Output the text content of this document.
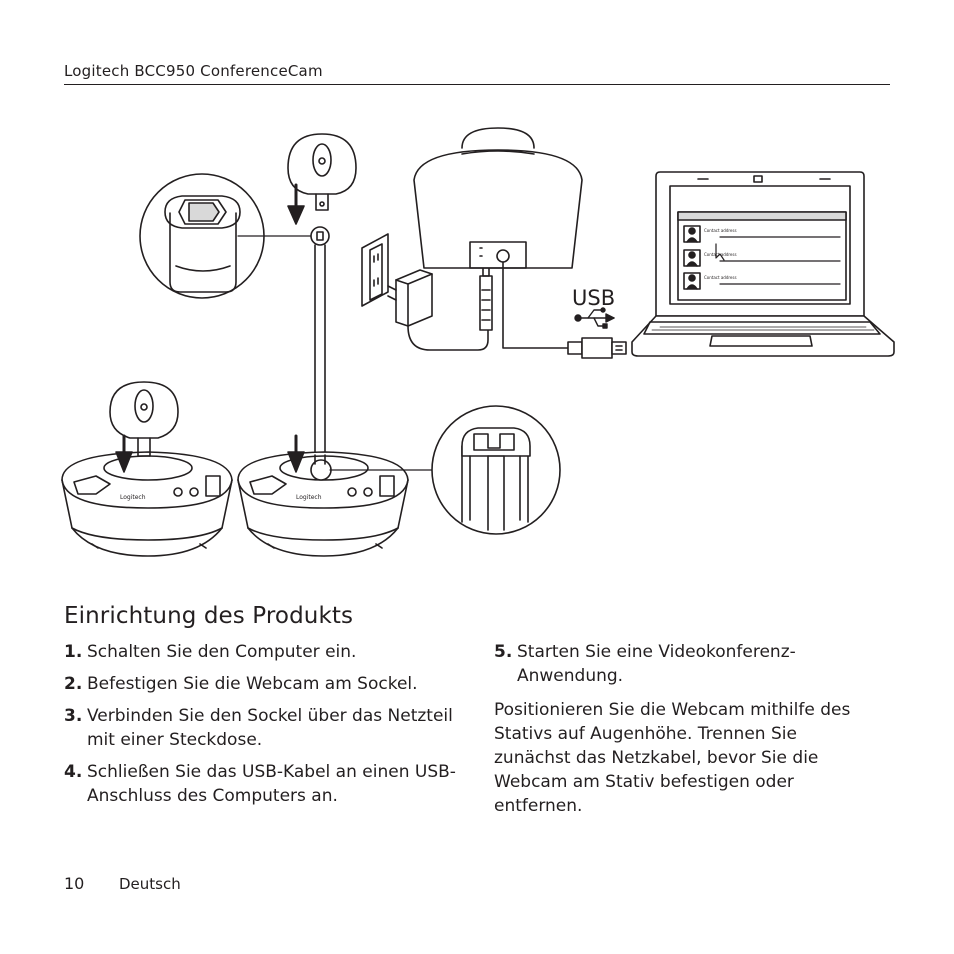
Logitech BCC950 ConferenceCam
USB
Logitech	Logitech
Contact address
Contact address
Contact address
Einrichtung des Produkts
1. Schalten Sie den Computer ein.
2. Befestigen Sie die Webcam am Sockel.
3. Verbinden Sie den Sockel über das Netzteil mit einer Steckdose.
4. Schließen Sie das USB-Kabel an einen USB-Anschluss des Computers an.
5. Starten Sie eine Videokonferenz-Anwendung.

Positionieren Sie die Webcam mithilfe des Stativs auf Augenhöhe. Trennen Sie zunächst das Netzkabel, bevor Sie die Webcam am Stativ befestigen oder entfernen.

10 Deutsch
